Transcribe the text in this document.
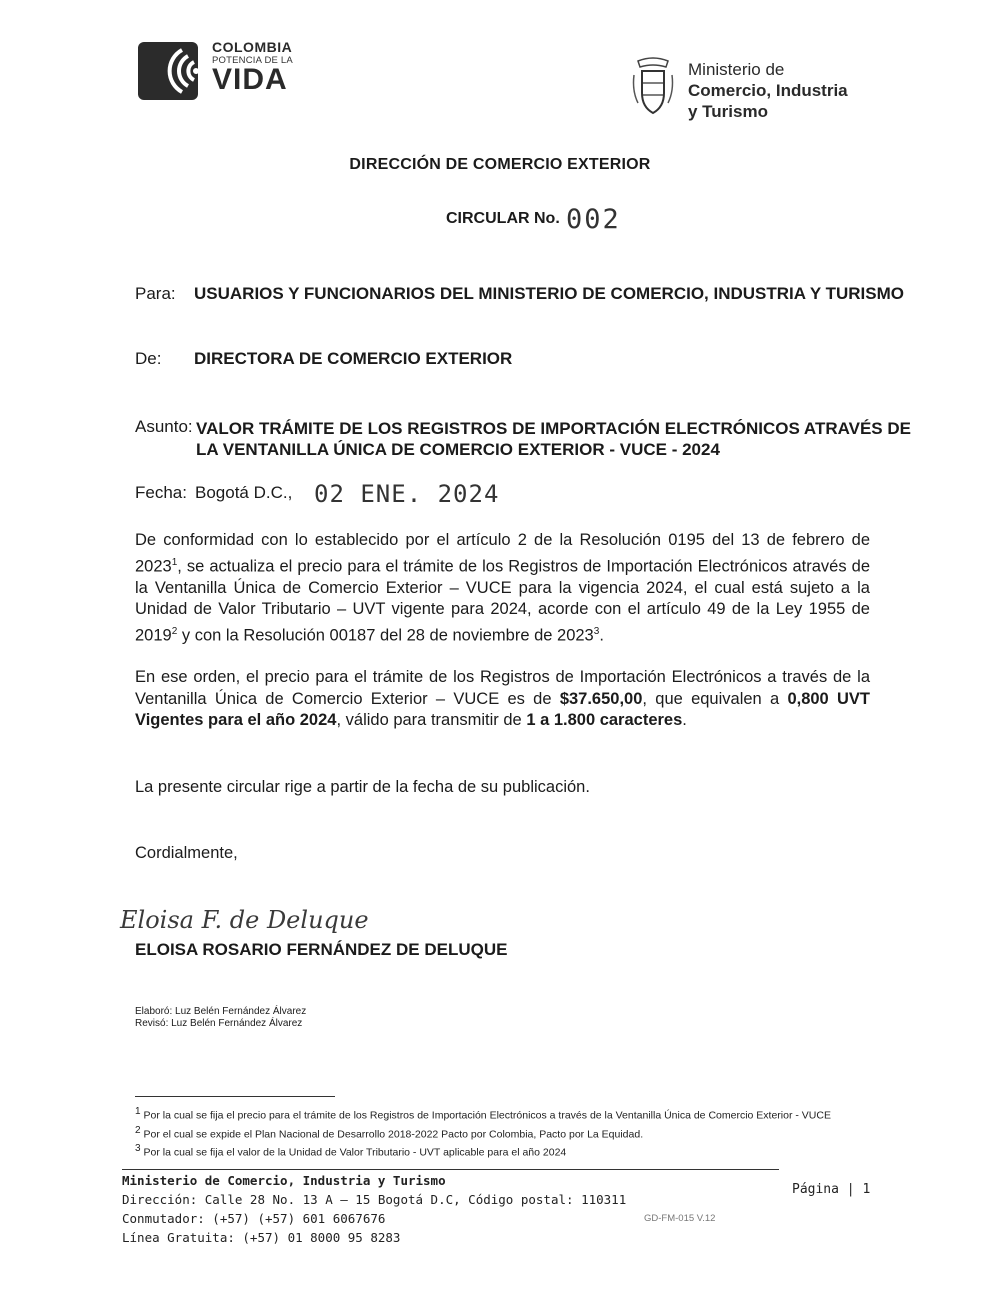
COLOMBIA
POTENCIA DE LA
VIDA	Ministerio de
Comercio, Industria
y Turismo
DIRECCIÓN DE COMERCIO EXTERIOR
CIRCULAR No. 002
Para: USUARIOS Y FUNCIONARIOS DEL MINISTERIO DE COMERCIO, INDUSTRIA Y TURISMO
De: DIRECTORA DE COMERCIO EXTERIOR
Asunto: VALOR TRÁMITE DE LOS REGISTROS DE IMPORTACIÓN ELECTRÓNICOS ATRAVÉS DE
LA VENTANILLA ÚNICA DE COMERCIO EXTERIOR - VUCE - 2024
Fecha: Bogotá D.C., 02 ENE. 2024
De conformidad con lo establecido por el artículo 2 de la Resolución 0195 del 13 de febrero de 2023$^1$, se actualiza el precio para el trámite de los Registros de Importación Electrónicos através de la Ventanilla Única de Comercio Exterior – VUCE para la vigencia 2024, el cual está sujeto a la Unidad de Valor Tributario – UVT vigente para 2024, acorde con el artículo 49 de la Ley 1955 de 2019$^2$ y con la Resolución 00187 del 28 de noviembre de 2023$^3$.
En ese orden, el precio para el trámite de los Registros de Importación Electrónicos a través de la Ventanilla Única de Comercio Exterior – VUCE es de $37.650,00, que equivalen a 0,800 UVT Vigentes para el año 2024, válido para transmitir de 1 a 1.800 caracteres.
La presente circular rige a partir de la fecha de su publicación.
Cordialmente,
Eloisa F. de Deluque
ELOISA ROSARIO FERNÁNDEZ DE DELUQUE
Elaboró: Luz Belén Fernández Álvarez
Revisó: Luz Belén Fernández Álvarez
$^1$ Por la cual se fija el precio para el trámite de los Registros de Importación Electrónicos a través de la Ventanilla Única de Comercio Exterior - VUCE
$^2$ Por el cual se expide el Plan Nacional de Desarrollo 2018-2022 Pacto por Colombia, Pacto por La Equidad.
$^3$ Por la cual se fija el valor de la Unidad de Valor Tributario - UVT aplicable para el año 2024
Ministerio de Comercio, Industria y Turismo
Dirección: Calle 28 No. 13 A – 15 Bogotá D.C, Código postal: 110311
Conmutador: (+57) (+57) 601 6067676
Línea Gratuita: (+57) 01 8000 95 8283
Página | 1
GD-FM-015 V.12
